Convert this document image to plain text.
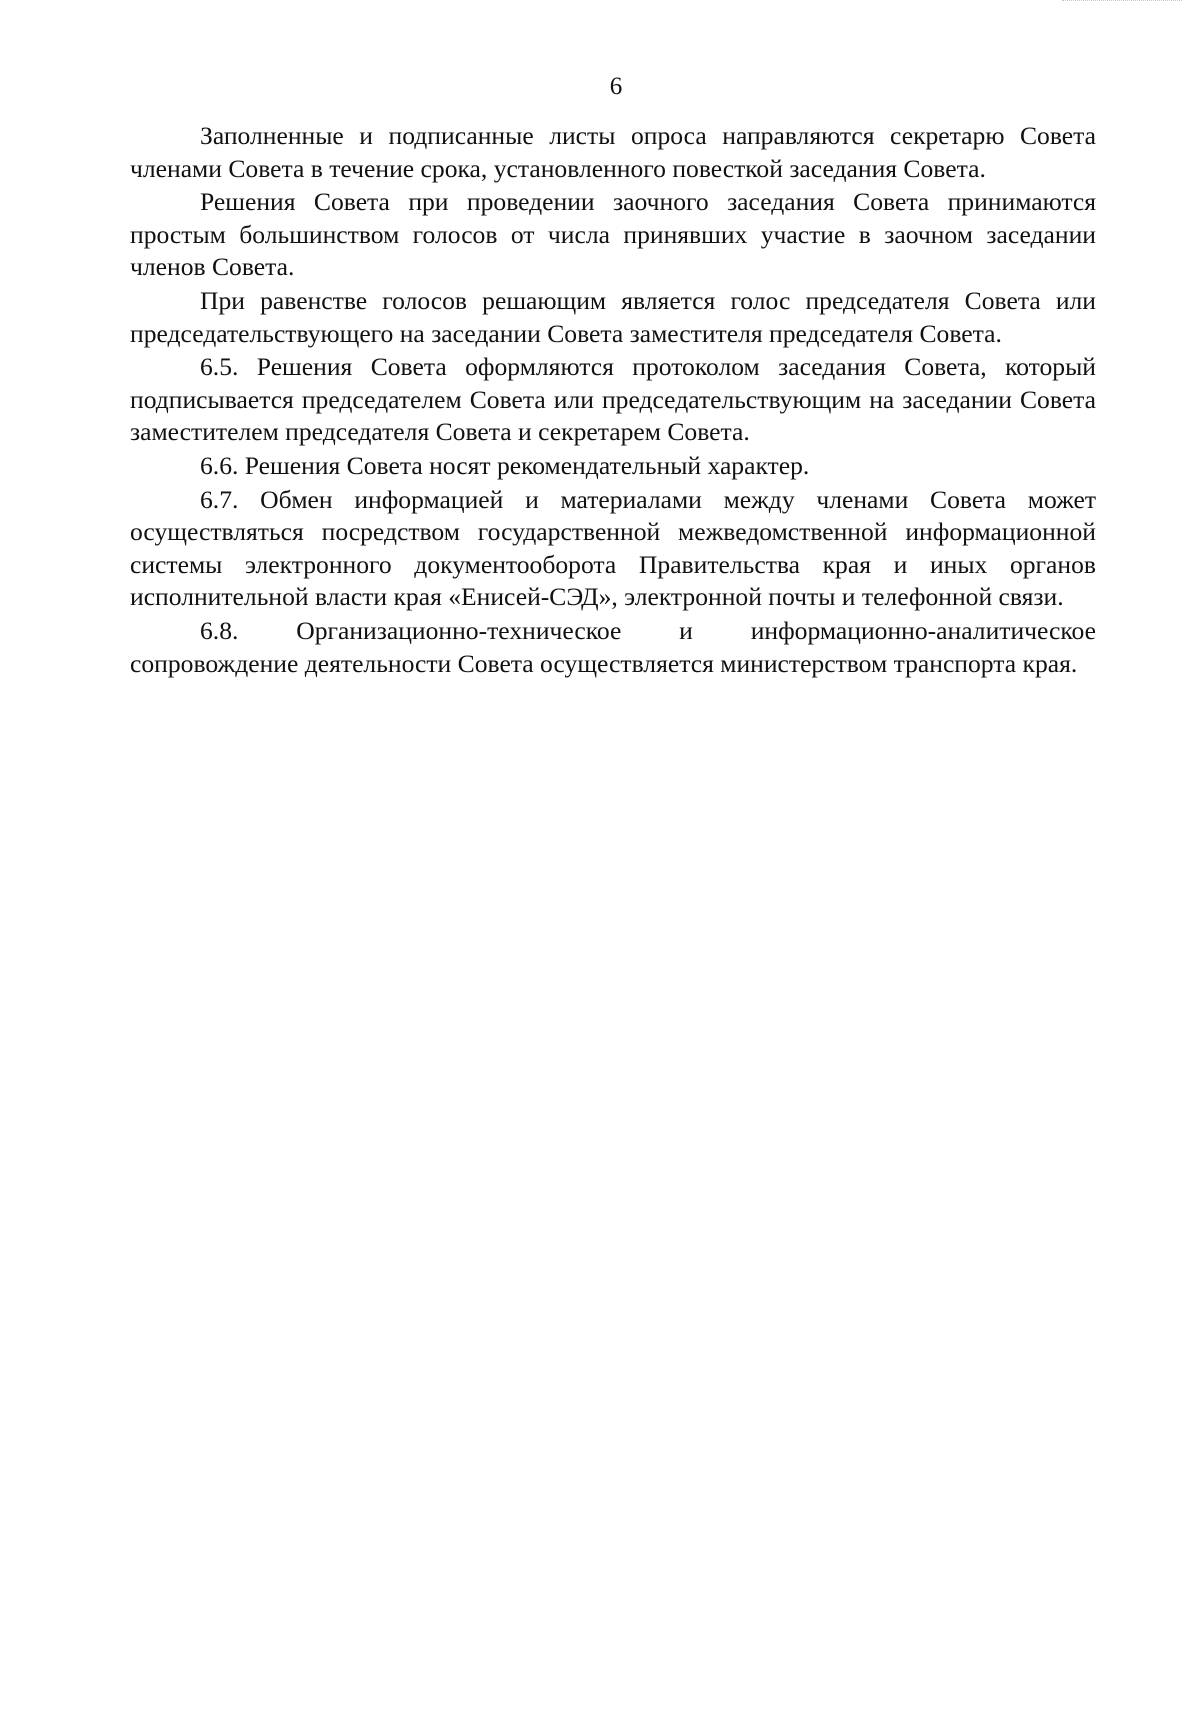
6

Заполненные и подписанные листы опроса направляются секретарю Совета членами Совета в течение срока, установленного повесткой заседания Совета.

Решения Совета при проведении заочного заседания Совета принимаются простым большинством голосов от числа принявших участие в заочном заседании членов Совета.

При равенстве голосов решающим является голос председателя Совета или председательствующего на заседании Совета заместителя председателя Совета.

6.5. Решения Совета оформляются протоколом заседания Совета, который подписывается председателем Совета или председательствующим на заседании Совета заместителем председателя Совета и секретарем Совета.

6.6. Решения Совета носят рекомендательный характер.

6.7. Обмен информацией и материалами между членами Совета может осуществляться посредством государственной межведомственной информационной системы электронного документооборота Правительства края и иных органов исполнительной власти края «Енисей-СЭД», электронной почты и телефонной связи.

6.8. Организационно-техническое и информационно-аналитическое сопровождение деятельности Совета осуществляется министерством транспорта края.
